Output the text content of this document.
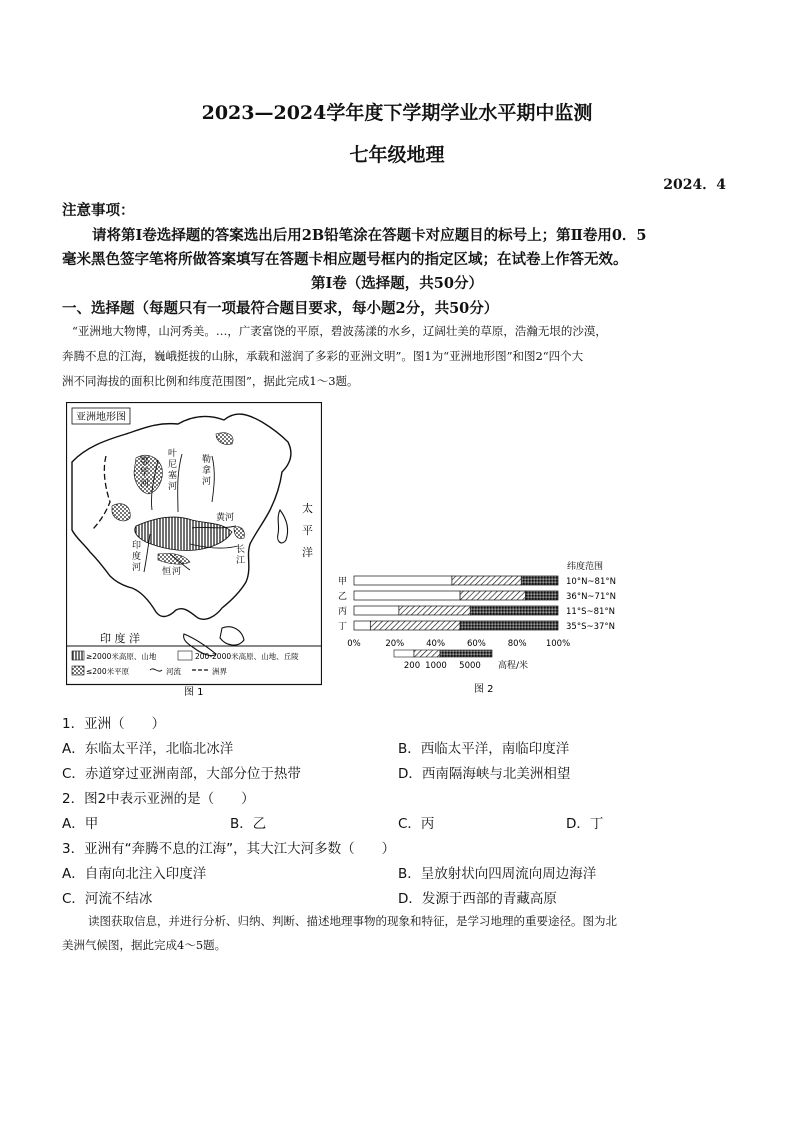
2023—2024学年度下学期学业水平期中监测
七年级地理
2024．4
注意事项：
请将第Ⅰ卷选择题的答案选出后用2B铅笔涂在答题卡对应题目的标号上；第Ⅱ卷用0．5
毫米黑色签字笔将所做答案填写在答题卡相应题号框内的指定区域；在试卷上作答无效。
第Ⅰ卷（选择题，共50分）
一、选择题（每题只有一项最符合题目要求，每小题2分，共50分）
“亚洲地大物博，山河秀美。…，广袤富饶的平原，碧波荡漾的水乡，辽阔壮美的草原，浩瀚无垠的沙漠，
奔腾不息的江海，巍峨挺拔的山脉，承载和滋润了多彩的亚洲文明”。图1为“亚洲地形图”和图2“四个大
洲不同海拔的面积比例和纬度范围图”，据此完成1～3题。
亚洲地形图
鄂
毕
河
叶
尼
塞
河
勒
拿
河
印
度
河 恒 河
长
江
黄河
太
平
洋
印 度 洋
≥2000米高原、山地	200-2000米高原、山地、丘陵
≤200米平原	河流	洲界
图 1
纬度范围
甲	10°N~81°N
乙	36°N~71°N
丙	11°S~81°N
丁	35°S~37°N
0%	20%	40%	60%	80% 100%
200 1000 5000 高程/米
图 2
1．亚洲（　　）
A．东临太平洋，北临北冰洋	B．西临太平洋，南临印度洋
C．赤道穿过亚洲南部，大部分位于热带	D．西南隔海峡与北美洲相望
2．图2中表示亚洲的是（　　）
A．甲	B．乙	C．丙	D．丁
3．亚洲有“奔腾不息的江海”，其大江大河多数（　　）
A．自南向北注入印度洋	B．呈放射状向四周流向周边海洋
C．河流不结冰	D．发源于西部的青藏高原
读图获取信息，并进行分析、归纳、判断、描述地理事物的现象和特征，是学习地理的重要途径。图为北
美洲气候图，据此完成4～5题。
